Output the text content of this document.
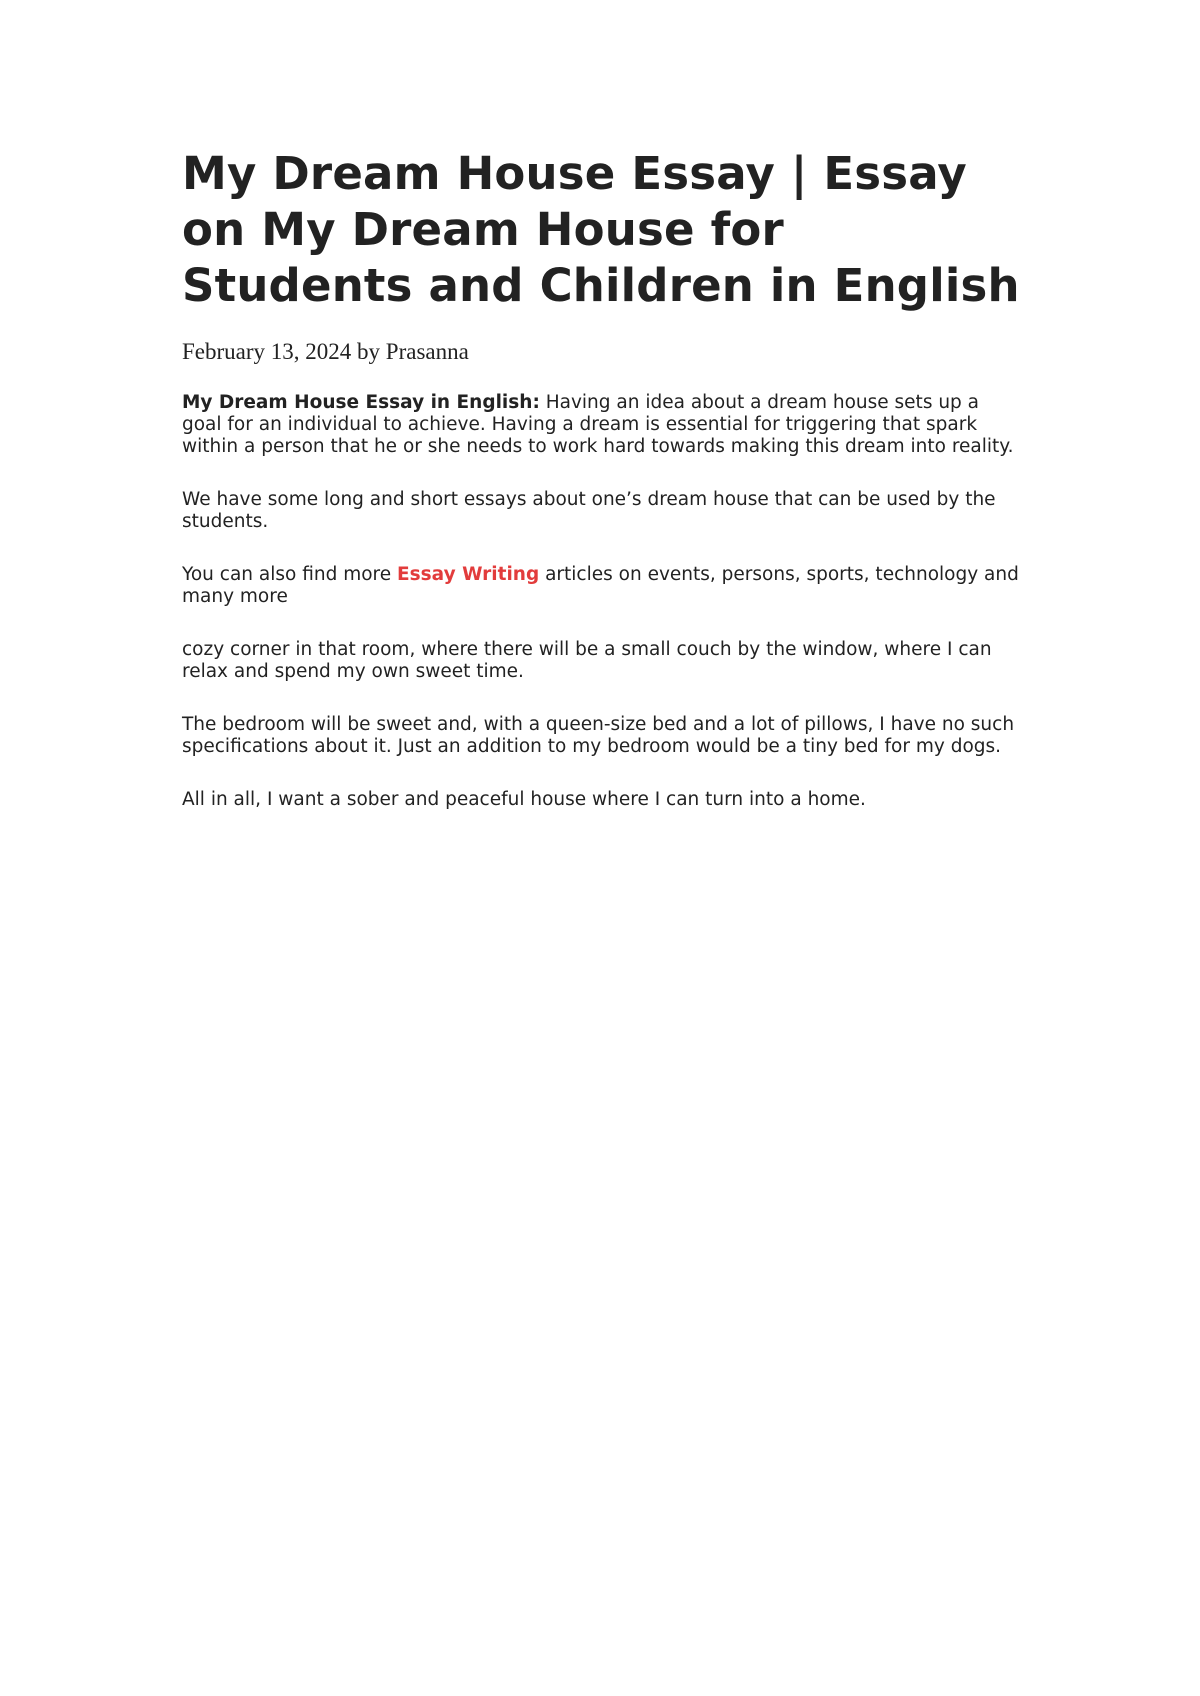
My Dream House Essay | Essay on My Dream House for Students and Children in English
February 13, 2024 by Prasanna

My Dream House Essay in English: Having an idea about a dream house sets up a goal for an individual to achieve. Having a dream is essential for triggering that spark within a person that he or she needs to work hard towards making this dream into reality.

We have some long and short essays about one’s dream house that can be used by the students.

You can also find more Essay Writing articles on events, persons, sports, technology and many more

cozy corner in that room, where there will be a small couch by the window, where I can relax and spend my own sweet time.

The bedroom will be sweet and, with a queen-size bed and a lot of pillows, I have no such specifications about it. Just an addition to my bedroom would be a tiny bed for my dogs.

All in all, I want a sober and peaceful house where I can turn into a home.
